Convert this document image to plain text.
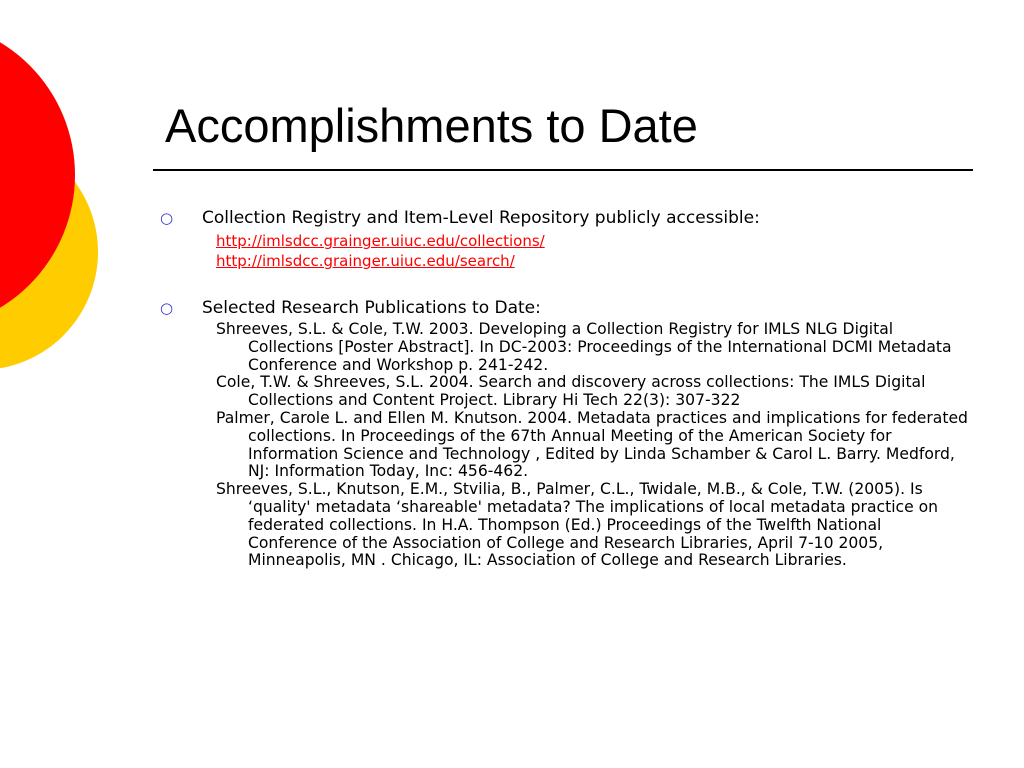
Accomplishments to Date
○ Collection Registry and Item-Level Repository publicly accessible:

http://imlsdcc.grainger.uiuc.edu/collections/
http://imlsdcc.grainger.uiuc.edu/search/
○ Selected Research Publications to Date:

Shreeves, S.L. & Cole, T.W. 2003. Developing a Collection Registry for IMLS NLG Digital Collections [Poster Abstract]. In DC-2003: Proceedings of the International DCMI Metadata Conference and Workshop p. 241-242.
Cole, T.W. & Shreeves, S.L. 2004. Search and discovery across collections: The IMLS Digital Collections and Content Project. Library Hi Tech 22(3): 307-322
Palmer, Carole L. and Ellen M. Knutson. 2004. Metadata practices and implications for federated collections. In Proceedings of the 67th Annual Meeting of the American Society for Information Science and Technology , Edited by Linda Schamber & Carol L. Barry. Medford, NJ: Information Today, Inc: 456-462.
Shreeves, S.L., Knutson, E.M., Stvilia, B., Palmer, C.L., Twidale, M.B., & Cole, T.W. (2005). Is ‘quality' metadata ‘shareable' metadata? The implications of local metadata practice on federated collections. In H.A. Thompson (Ed.) Proceedings of the Twelfth National Conference of the Association of College and Research Libraries, April 7-10 2005, Minneapolis, MN . Chicago, IL: Association of College and Research Libraries.
